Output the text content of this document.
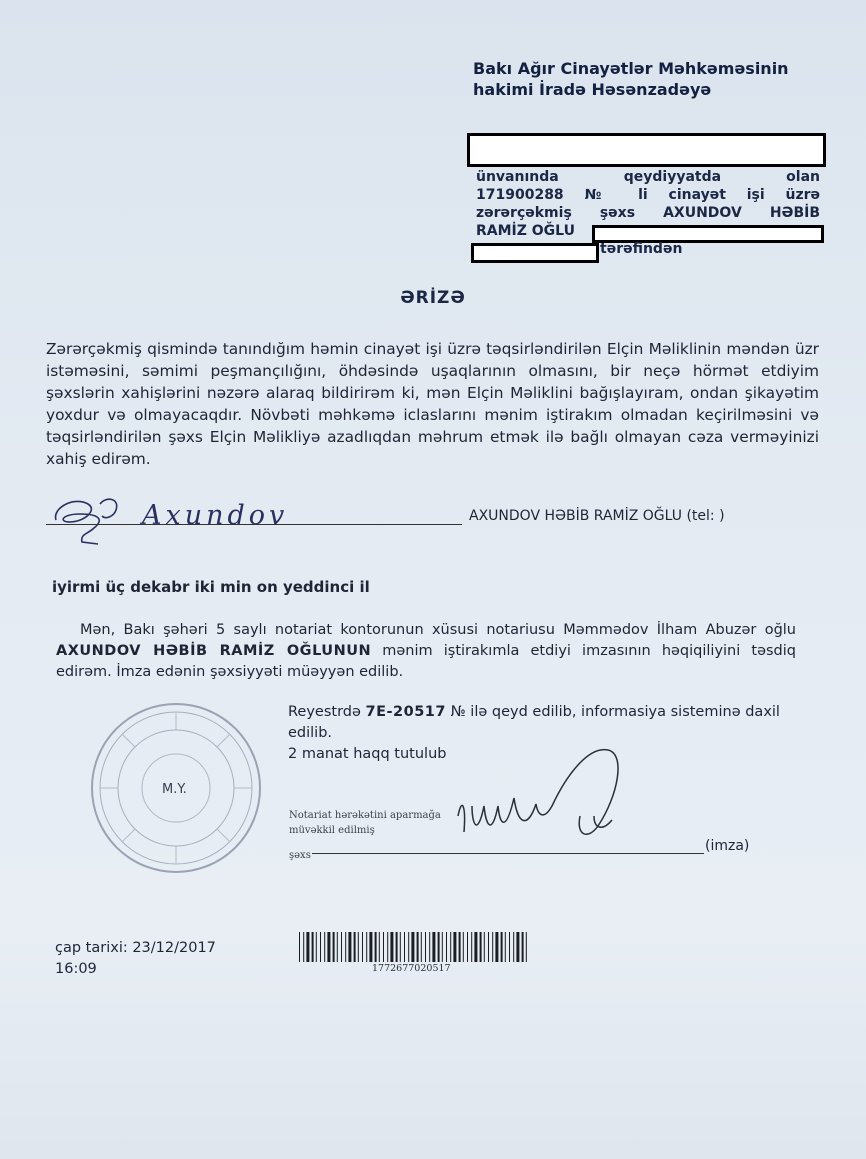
Bakı Ağır Cinayətlər Məhkəməsinin
hakimi İradə Həsənzadəyə
ünvanında qeydiyyatda olan
171900288 № li cinayət işi üzrə
zərərçəkmiş şəxs AXUNDOV HƏBİB
RAMİZ OĞLU
tərəfindən
ƏRİZƏ
Zərərçəkmiş qismində tanındığım həmin cinayət işi üzrə təqsirləndirilən Elçin Məliklinin məndən üzr istəməsini, səmimi peşmançılığını, öhdəsində uşaqlarının olmasını, bir neçə hörmət etdiyim şəxslərin xahişlərini nəzərə alaraq bildirirəm ki, mən Elçin Məliklini bağışlayıram, ondan şikayətim yoxdur və olmayacaqdır. Növbəti məhkəmə iclaslarını mənim iştirakım olmadan keçirilməsini və təqsirləndirilən şəxs Elçin Məlikliyə azadlıqdan məhrum etmək ilə bağlı olmayan cəza verməyinizi xahiş edirəm.
Axundov	AXUNDOV HƏBİB RAMİZ OĞLU (tel: )
iyirmi üç dekabr iki min on yeddinci il
Mən, Bakı şəhəri 5 saylı notariat kontorunun xüsusi notariusu Məmmədov İlham Abuzər oğlu AXUNDOV HƏBİB RAMİZ OĞLUNUN mənim iştirakımla etdiyi imzasının həqiqiliyini təsdiq edirəm. İmza edənin şəxsiyyəti müəyyən edilib.
M.Y.
Reyestrdə 7E-20517 № ilə qeyd edilib, informasiya sisteminə daxil edilib.
2 manat haqq tutulub
Notariat hərəkətini aparmağa
müvəkkil edilmiş
şəxs
(imza)
çap tarixi: 23/12/2017
16:09	1772677020517
